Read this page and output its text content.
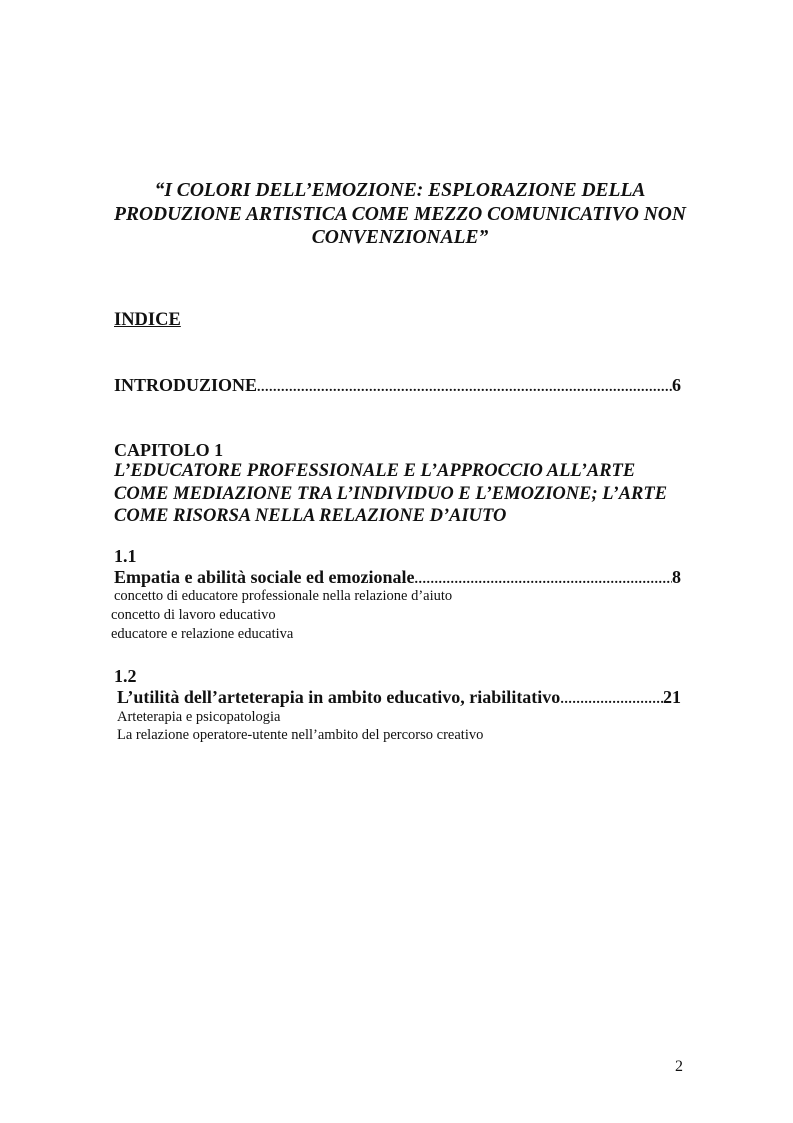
“I COLORI DELL’EMOZIONE: ESPLORAZIONE DELLA
PRODUZIONE ARTISTICA COME MEZZO COMUNICATIVO NON
CONVENZIONALE”
INDICE
INTRODUZIONE .....	6
CAPITOLO 1
L’EDUCATORE PROFESSIONALE E L’APPROCCIO ALL’ARTE
COME MEDIAZIONE TRA L’INDIVIDUO E L’EMOZIONE; L’ARTE
COME RISORSA NELLA RELAZIONE D’AIUTO
1.1
Empatia e abilità sociale ed emozionale .....	8
concetto di educatore professionale nella relazione d’aiuto
concetto di lavoro educativo
educatore e relazione educativa
1.2
L’utilità dell’arteterapia in ambito educativo, riabilitativo .....	21
Arteterapia e psicopatologia
La relazione operatore-utente nell’ambito del percorso creativo
2
